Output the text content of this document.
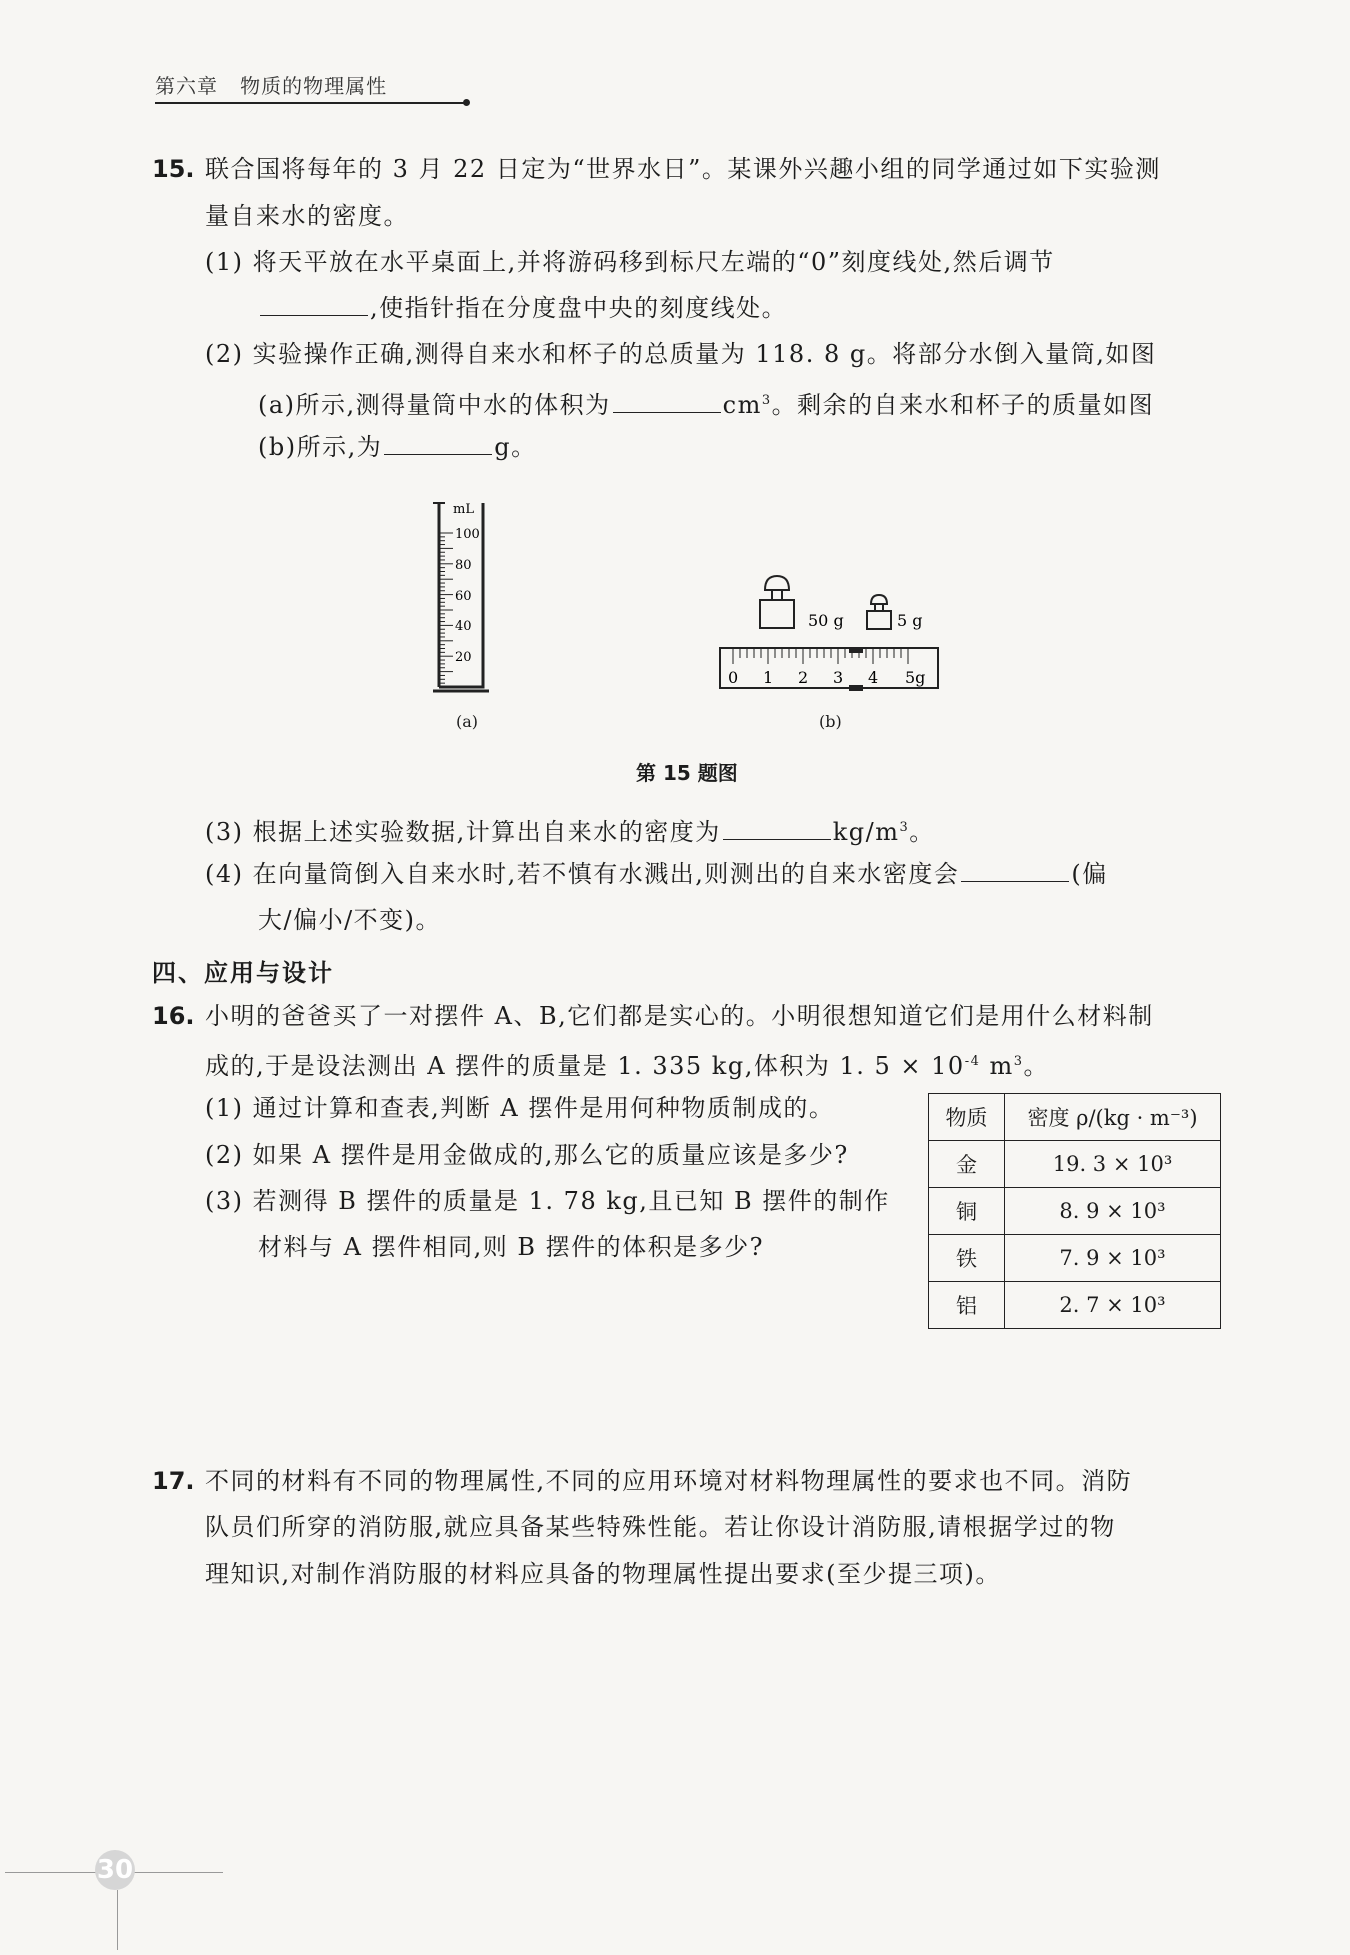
第六章 物质的物理属性
15. 联合国将每年的 3 月 22 日定为“世界水日”。某课外兴趣小组的同学通过如下实验测
量自来水的密度。
(1) 将天平放在水平桌面上,并将游码移到标尺左端的“0”刻度线处,然后调节
,使指针指在分度盘中央的刻度线处。
(2) 实验操作正确,测得自来水和杯子的总质量为 118. 8 g。将部分水倒入量筒,如图
(a)所示,测得量筒中水的体积为	$cm^3$。剩余的自来水和杯子的质量如图
(b)所示,为	g。
mL
100
80
60
40
20
(a)
50 g	5 g
0 1 2 3 4 5g
(b)
第 15 题图
(3) 根据上述实验数据,计算出自来水的密度为	$kg/m^3$。
(4) 在向量筒倒入自来水时,若不慎有水溅出,则测出的自来水密度会	(偏
大/偏小/不变)。
四、应用与设计
16. 小明的爸爸买了一对摆件 A、B,它们都是实心的。小明很想知道它们是用什么材料制
成的,于是设法测出 A 摆件的质量是 1. 335 kg,体积为 1. $5 \times 10^{-4}$ $m^3$。
(1) 通过计算和查表,判断 A 摆件是用何种物质制成的。
(2) 如果 A 摆件是用金做成的,那么它的质量应该是多少?
(3) 若测得 B 摆件的质量是 1. 78 kg,且已知 B 摆件的制作
材料与 A 摆件相同,则 B 摆件的体积是多少?
物质	密度 ρ/(kg · m⁻³)
金	19. 3 × 10³
铜	8. 9 × 10³
铁	7. 9 × 10³
铝	2. 7 × 10³
17. 不同的材料有不同的物理属性,不同的应用环境对材料物理属性的要求也不同。消防
队员们所穿的消防服,就应具备某些特殊性能。若让你设计消防服,请根据学过的物
理知识,对制作消防服的材料应具备的物理属性提出要求(至少提三项)。
30
